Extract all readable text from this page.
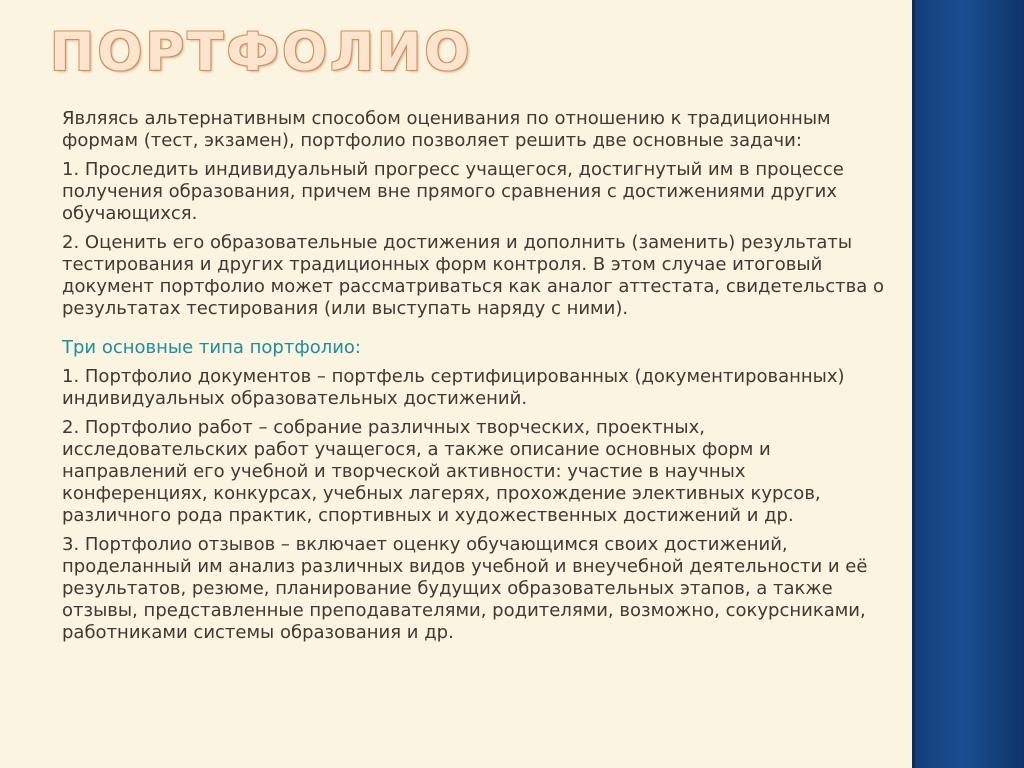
ПОРТФОЛИО

Являясь альтернативным способом оценивания по отношению к традиционным формам (тест, экзамен), портфолио позволяет решить две основные задачи:

1. Проследить индивидуальный прогресс учащегося, достигнутый им в процессе получения образования, причем вне прямого сравнения с достижениями других обучающихся.

2. Оценить его образовательные достижения и дополнить (заменить) результаты тестирования и других традиционных форм контроля. В этом случае итоговый документ портфолио может рассматриваться как аналог аттестата, свидетельства о результатах тестирования (или выступать наряду с ними).

Три основные типа портфолио:

1. Портфолио документов – портфель сертифицированных (документированных) индивидуальных образовательных достижений.

2. Портфолио работ – собрание различных творческих, проектных, исследовательских работ учащегося, а также описание основных форм и направлений его учебной и творческой активности: участие в научных конференциях, конкурсах, учебных лагерях, прохождение элективных курсов, различного рода практик, спортивных и художественных достижений и др.

3. Портфолио отзывов – включает оценку обучающимся своих достижений, проделанный им анализ различных видов учебной и внеучебной деятельности и её результатов, резюме, планирование будущих образовательных этапов, а также отзывы, представленные преподавателями, родителями, возможно, сокурсниками, работниками системы образования и др.
